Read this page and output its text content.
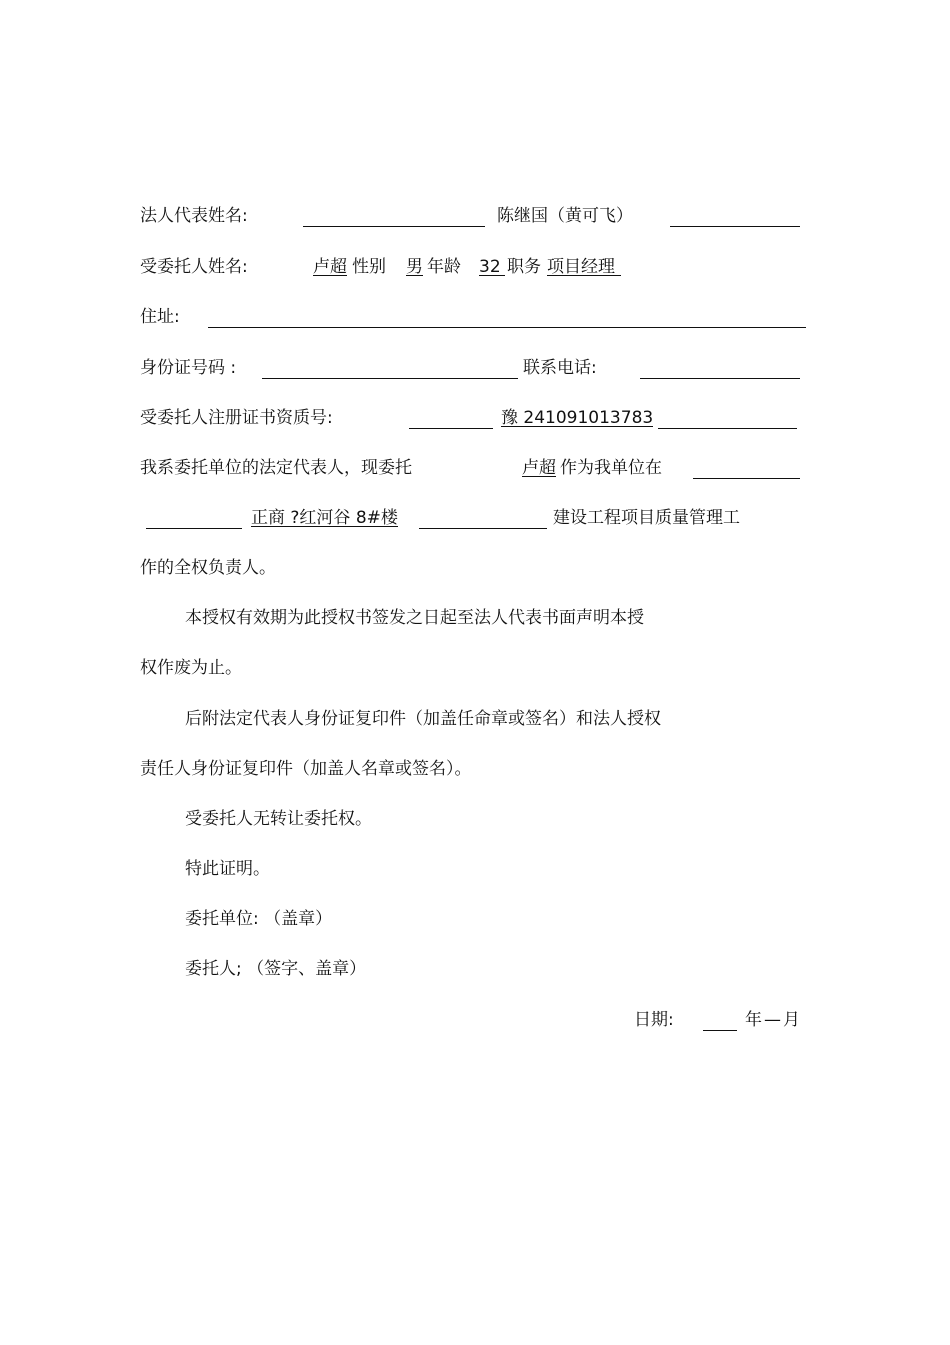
法人代表姓名:	陈继国（黄可飞）
受委托人姓名:	卢超 性别 男 年龄 32 职务 项目经理
住址:
身份证号码 :	联系电话:
受委托人注册证书资质号:	豫 241091013783
我系委托单位的法定代表人，现委托	卢超 作为我单位在
正商 ?红河谷 8#楼	建设工程项目质量管理工
作的全权负责人。
本授权有效期为此授权书签发之日起至法人代表书面声明本授
权作废为止。
后附法定代表人身份证复印件（加盖任命章或签名）和法人授权
责任人身份证复印件（加盖人名章或签名）。
受委托人无转让委托权。
特此证明。
委托单位: （盖章）
委托人; （签字、盖章）
日期:	年 — 月
